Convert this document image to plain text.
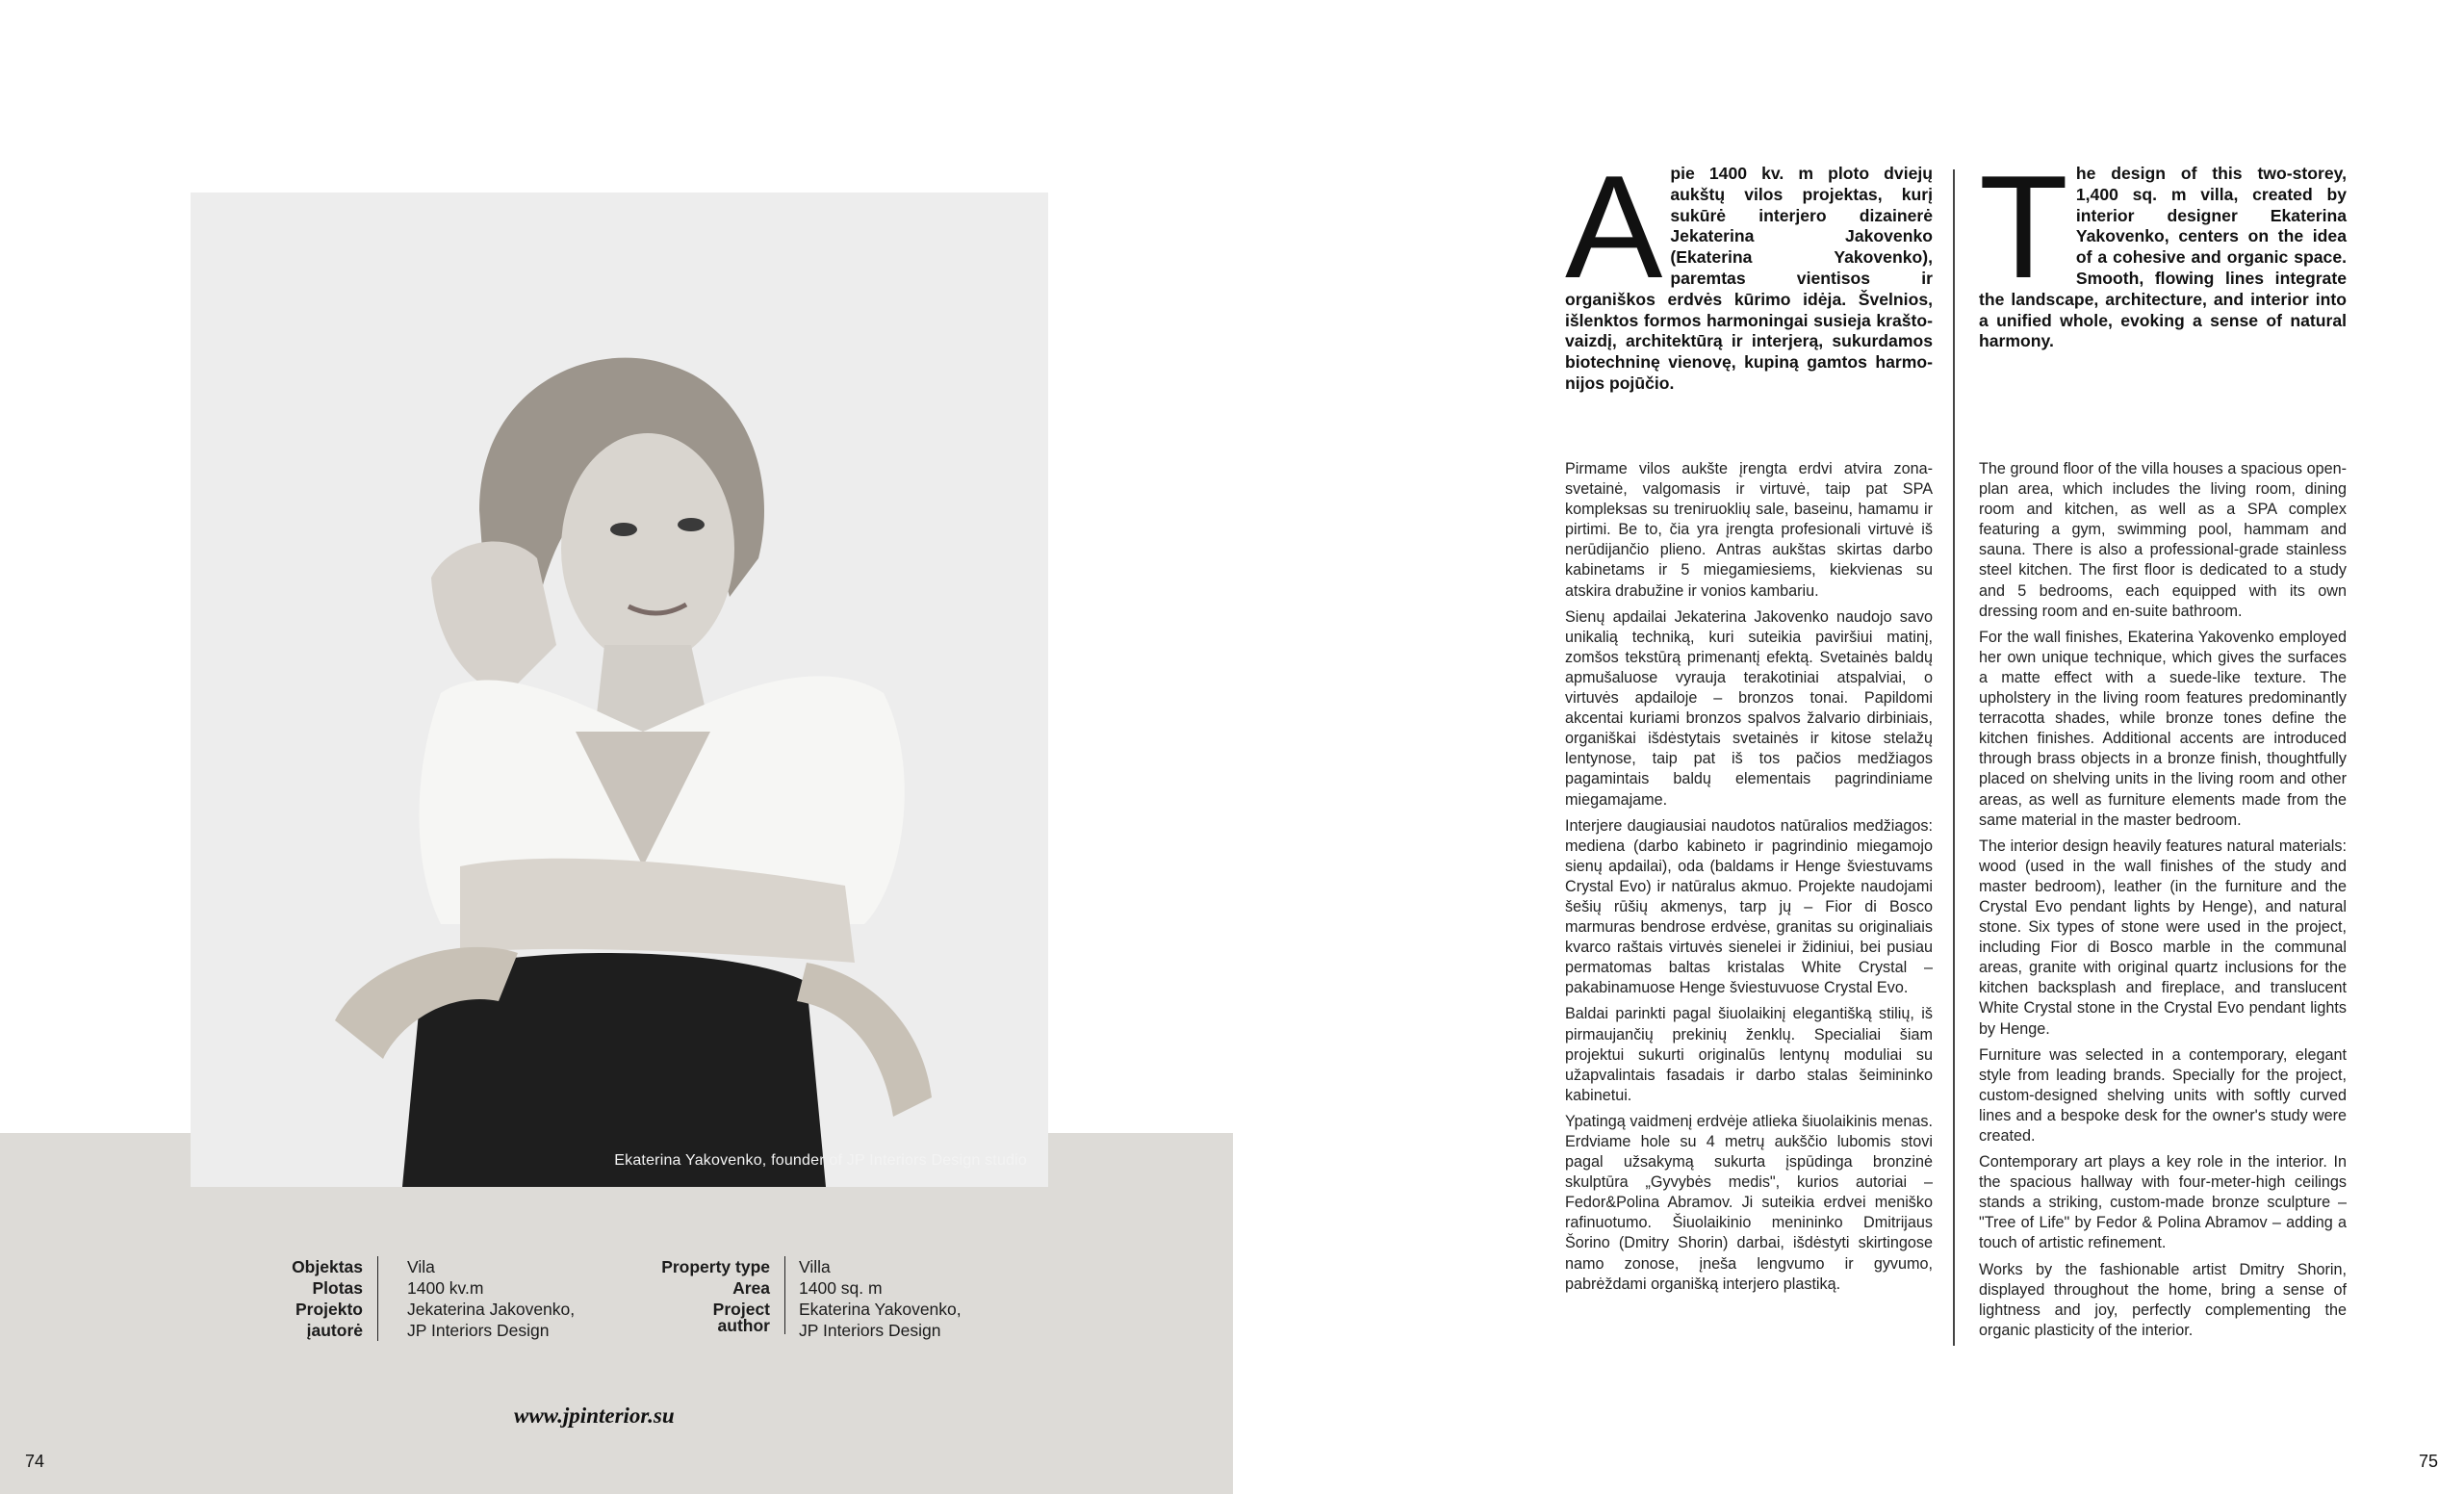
Ekaterina Yakovenko, founder of JP Interiors Design studio
Objektas
Plotas
Projekto
įautorė
Vila
1400 kv.m
Jekaterina Jakovenko,
JP Interiors Design
Property type
Area
Project author
Villa
1400 sq. m
Ekaterina Yakovenko,
JP Interiors Design
www.jpinterior.su
74
A pie 1400 kv. m ploto dviejų aukštų vilos projektas, kurį sukūrė interjero dizainerė Jekaterina Jakovenko (Ekaterina Yakovenko), paremtas vientisos ir organiškos erdvės kūrimo idėja. Švelnios, išlenktos formos harmoningai susieja kraštovaizdį, architektūrą ir interjerą, sukurdamos biotechninę vienovę, kupiną gamtos harmonijos pojūčio.
T he design of this two-storey, 1,400 sq. m villa, created by interior designer Ekaterina Yakovenko, centers on the idea of a cohesive and organic space. Smooth, flowing lines integrate the landscape, architecture, and interior into a unified whole, evoking a sense of natural harmony.

Pirmame vilos aukšte įrengta erdvi atvira zona-svetainė, valgomasis ir virtuvė, taip pat SPA kompleksas su treniruoklių sale, baseinu, hamamu ir pirtimi. Be to, čia yra įrengta profesionali virtuvė iš nerūdijančio plieno. Antras aukštas skirtas darbo kabinetams ir 5 miegamiesiems, kiekvienas su atskira drabužine ir vonios kambariu.

Sienų apdailai Jekaterina Jakovenko naudojo savo unikalią techniką, kuri suteikia paviršiui matinį, zomšos tekstūrą primenantį efektą. Svetainės baldų apmušaluose vyrauja terakotiniai atspalviai, o virtuvės apdailoje – bronzos tonai. Papildomi akcentai kuriami bronzos spalvos žalvario dirbiniais, organiškai išdėstytais svetainės ir kitose stelažų lentynose, taip pat iš tos pačios medžiagos pagamintais baldų elementais pagrindiniame miegamajame.

Interjere daugiausiai naudotos natūralios medžiagos: mediena (darbo kabineto ir pagrindinio miegamojo sienų apdailai), oda (baldams ir Henge šviestuvams Crystal Evo) ir natūralus akmuo. Projekte naudojami šešių rūšių akmenys, tarp jų – Fior di Bosco marmuras bendrose erdvėse, granitas su originaliais kvarco raštais virtuvės sienelei ir židiniui, bei pusiau permatomas baltas kristalas White Crystal – pakabinamuose Henge šviestuvuose Crystal Evo.

Baldai parinkti pagal šiuolaikinį elegantišką stilių, iš pirmaujančių prekinių ženklų. Specialiai šiam projektui sukurti originalūs lentynų moduliai su užapvalintais fasadais ir darbo stalas šeimininko kabinetui.

Ypatingą vaidmenį erdvėje atlieka šiuolaikinis menas. Erdviame hole su 4 metrų aukščio lubomis stovi pagal užsakymą sukurta įspūdinga bronzinė skulptūra „Gyvybės medis", kurios autoriai – Fedor&Polina Abramov. Ji suteikia erdvei meniško rafinuotumo. Šiuolaikinio menininko Dmitrijaus Šorino (Dmitry Shorin) darbai, išdėstyti skirtingose namo zonose, įneša lengvumo ir gyvumo, pabrėždami organišką interjero plastiką.

The ground floor of the villa houses a spacious open-plan area, which includes the living room, dining room and kitchen, as well as a SPA complex featuring a gym, swimming pool, hammam and sauna. There is also a professional-grade stainless steel kitchen. The first floor is dedicated to a study and 5 bedrooms, each equipped with its own dressing room and en-suite bathroom.

For the wall finishes, Ekaterina Yakovenko employed her own unique technique, which gives the surfaces a matte effect with a suede-like texture. The upholstery in the living room features predominantly terracotta shades, while bronze tones define the kitchen finishes. Additional accents are introduced through brass objects in a bronze finish, thoughtfully placed on shelving units in the living room and other areas, as well as furniture elements made from the same material in the master bedroom.

The interior design heavily features natural materials: wood (used in the wall finishes of the study and master bedroom), leather (in the furniture and the Crystal Evo pendant lights by Henge), and natural stone. Six types of stone were used in the project, including Fior di Bosco marble in the communal areas, granite with original quartz inclusions for the kitchen backsplash and fireplace, and translucent White Crystal stone in the Crystal Evo pendant lights by Henge.

Furniture was selected in a contemporary, elegant style from leading brands. Specially for the project, custom-designed shelving units with softly curved lines and a bespoke desk for the owner's study were created.

Contemporary art plays a key role in the interior. In the spacious hallway with four-meter-high ceilings stands a striking, custom-made bronze sculpture – "Tree of Life" by Fedor & Polina Abramov – adding a touch of artistic refinement.

Works by the fashionable artist Dmitry Shorin, displayed throughout the home, bring a sense of lightness and joy, perfectly complementing the organic plasticity of the interior.

75
